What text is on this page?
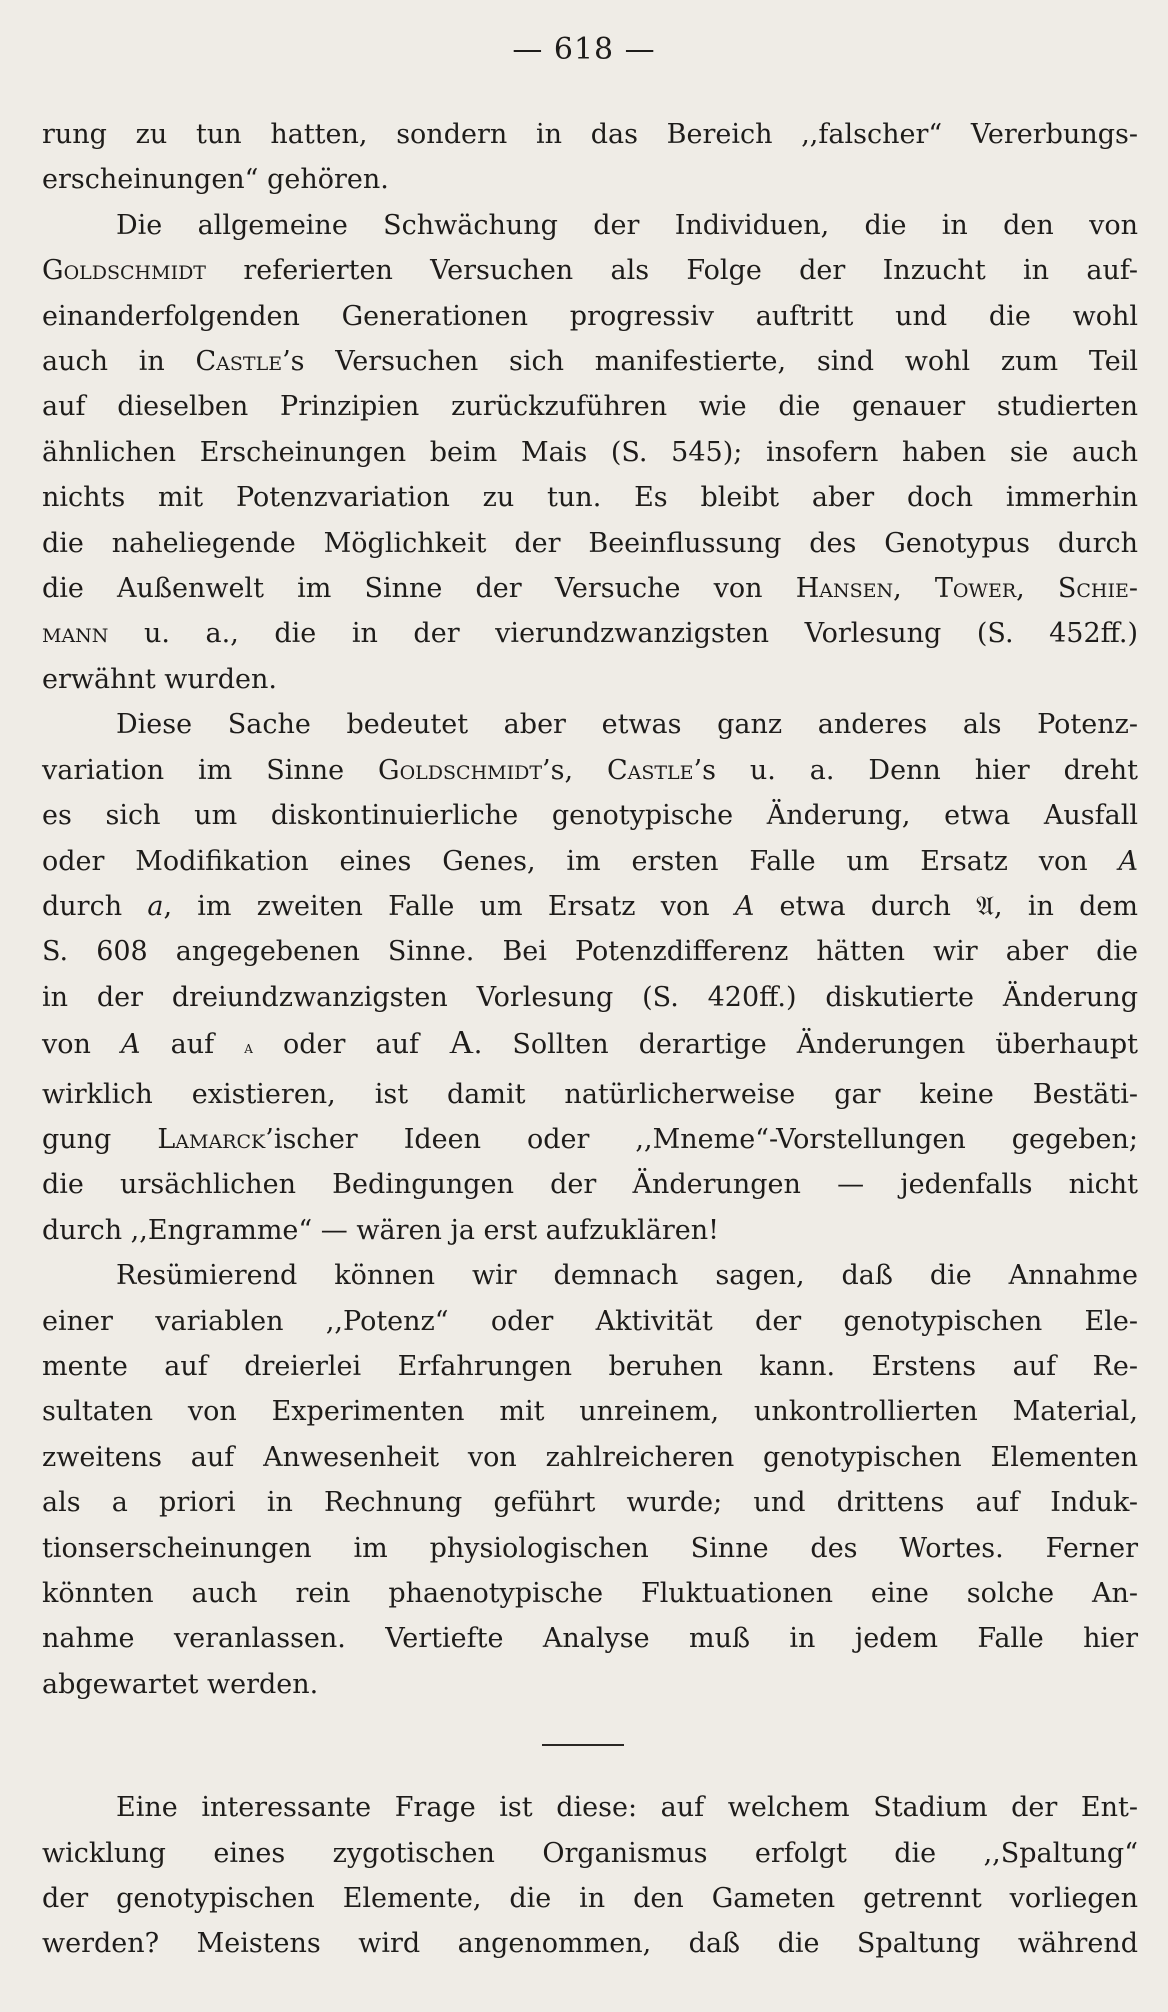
— 618 —
rung zu tun hatten, sondern in das Bereich ,,falscher“ Vererbungs-
erscheinungen“ gehören.
Die allgemeine Schwächung der Individuen, die in den von
Goldschmidt referierten Versuchen als Folge der Inzucht in auf-
einanderfolgenden Generationen progressiv auftritt und die wohl
auch in Castle’s Versuchen sich manifestierte, sind wohl zum Teil
auf dieselben Prinzipien zurückzuführen wie die genauer studierten
ähnlichen Erscheinungen beim Mais (S. 545); insofern haben sie auch
nichts mit Potenzvariation zu tun. Es bleibt aber doch immerhin
die naheliegende Möglichkeit der Beeinflussung des Genotypus durch
die Außenwelt im Sinne der Versuche von Hansen, Tower, Schie-
mann u. a., die in der vierundzwanzigsten Vorlesung (S. 452ff.)
erwähnt wurden.
Diese Sache bedeutet aber etwas ganz anderes als Potenz-
variation im Sinne Goldschmidt’s, Castle’s u. a. Denn hier dreht
es sich um diskontinuierliche genotypische Änderung, etwa Ausfall
oder Modifikation eines Genes, im ersten Falle um Ersatz von A
durch a, im zweiten Falle um Ersatz von A etwa durch 𝔄, in dem
S. 608 angegebenen Sinne. Bei Potenzdifferenz hätten wir aber die
in der dreiundzwanzigsten Vorlesung (S. 420ff.) diskutierte Änderung
von A auf a oder auf A. Sollten derartige Änderungen überhaupt
wirklich existieren, ist damit natürlicherweise gar keine Bestäti-
gung Lamarck’ischer Ideen oder ,,Mneme“-Vorstellungen gegeben;
die ursächlichen Bedingungen der Änderungen — jedenfalls nicht
durch ,,Engramme“ — wären ja erst aufzuklären!
Resümierend können wir demnach sagen, daß die Annahme
einer variablen ,,Potenz“ oder Aktivität der genotypischen Ele-
mente auf dreierlei Erfahrungen beruhen kann. Erstens auf Re-
sultaten von Experimenten mit unreinem, unkontrollierten Material,
zweitens auf Anwesenheit von zahlreicheren genotypischen Elementen
als a priori in Rechnung geführt wurde; und drittens auf Induk-
tionserscheinungen im physiologischen Sinne des Wortes. Ferner
könnten auch rein phaenotypische Fluktuationen eine solche An-
nahme veranlassen. Vertiefte Analyse muß in jedem Falle hier
abgewartet werden.
Eine interessante Frage ist diese: auf welchem Stadium der Ent-
wicklung eines zygotischen Organismus erfolgt die ,,Spaltung“
der genotypischen Elemente, die in den Gameten getrennt vorliegen
werden? Meistens wird angenommen, daß die Spaltung während
